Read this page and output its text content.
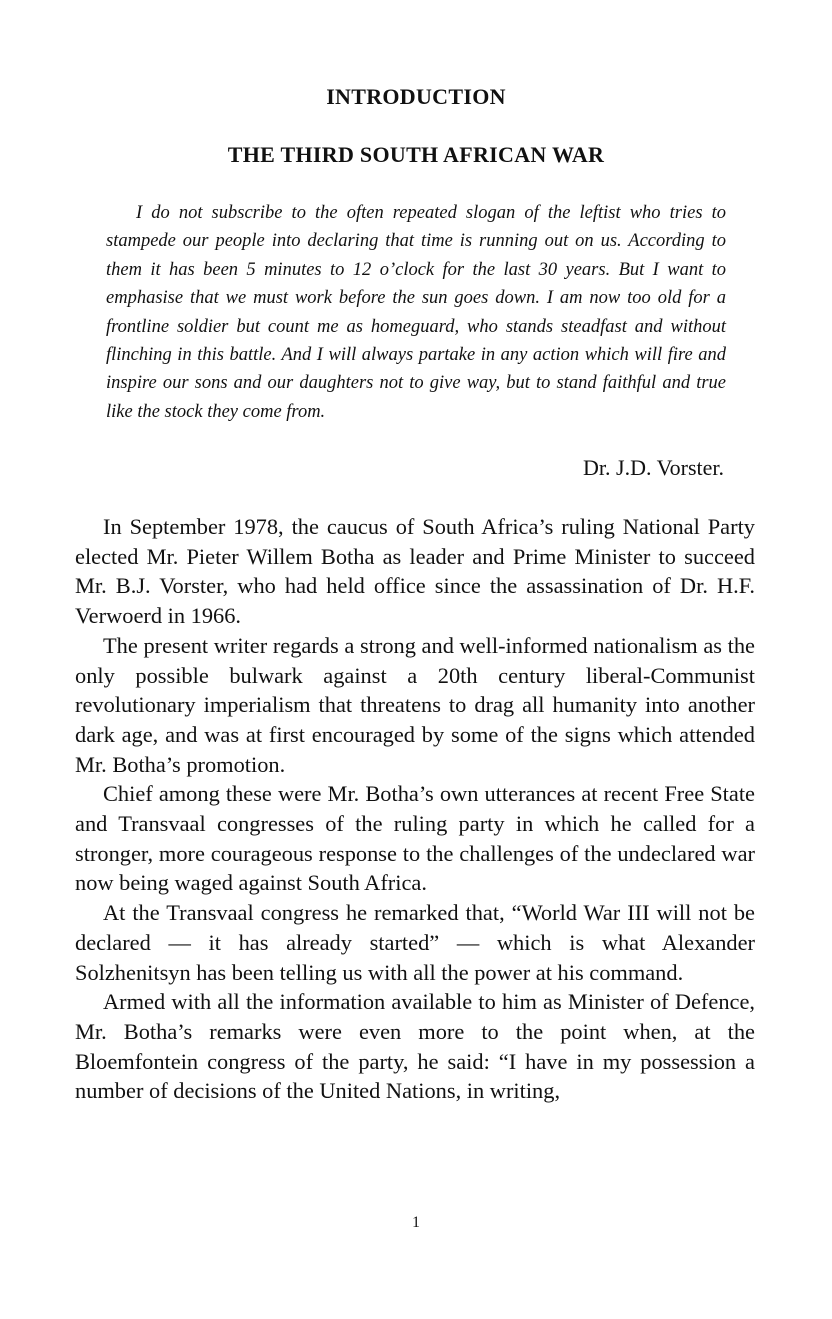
INTRODUCTION
THE THIRD SOUTH AFRICAN WAR

I do not subscribe to the often repeated slogan of the leftist who tries to stampede our people into declaring that time is running out on us. According to them it has been 5 minutes to 12 o’clock for the last 30 years. But I want to emphasise that we must work before the sun goes down. I am now too old for a frontline soldier but count me as homeguard, who stands steadfast and without flinching in this battle. And I will always partake in any action which will fire and inspire our sons and our daughters not to give way, but to stand faithful and true like the stock they come from.

Dr. J.D. Vorster.

In September 1978, the caucus of South Africa’s ruling National Party elected Mr. Pieter Willem Botha as leader and Prime Minister to succeed Mr. B.J. Vorster, who had held office since the assassination of Dr. H.F. Verwoerd in 1966.

The present writer regards a strong and well-informed nationalism as the only possible bulwark against a 20th century liberal-Communist revolutionary imperialism that threatens to drag all humanity into another dark age, and was at first encouraged by some of the signs which attended Mr. Botha’s promotion.

Chief among these were Mr. Botha’s own utterances at recent Free State and Transvaal congresses of the ruling party in which he called for a stronger, more courageous response to the challenges of the undeclared war now being waged against South Africa.

At the Transvaal congress he remarked that, “World War III will not be declared — it has already started” — which is what Alexander Solzhenitsyn has been telling us with all the power at his command.

Armed with all the information available to him as Minister of Defence, Mr. Botha’s remarks were even more to the point when, at the Bloemfontein congress of the party, he said: “I have in my possession a number of decisions of the United Nations, in writing,

1
